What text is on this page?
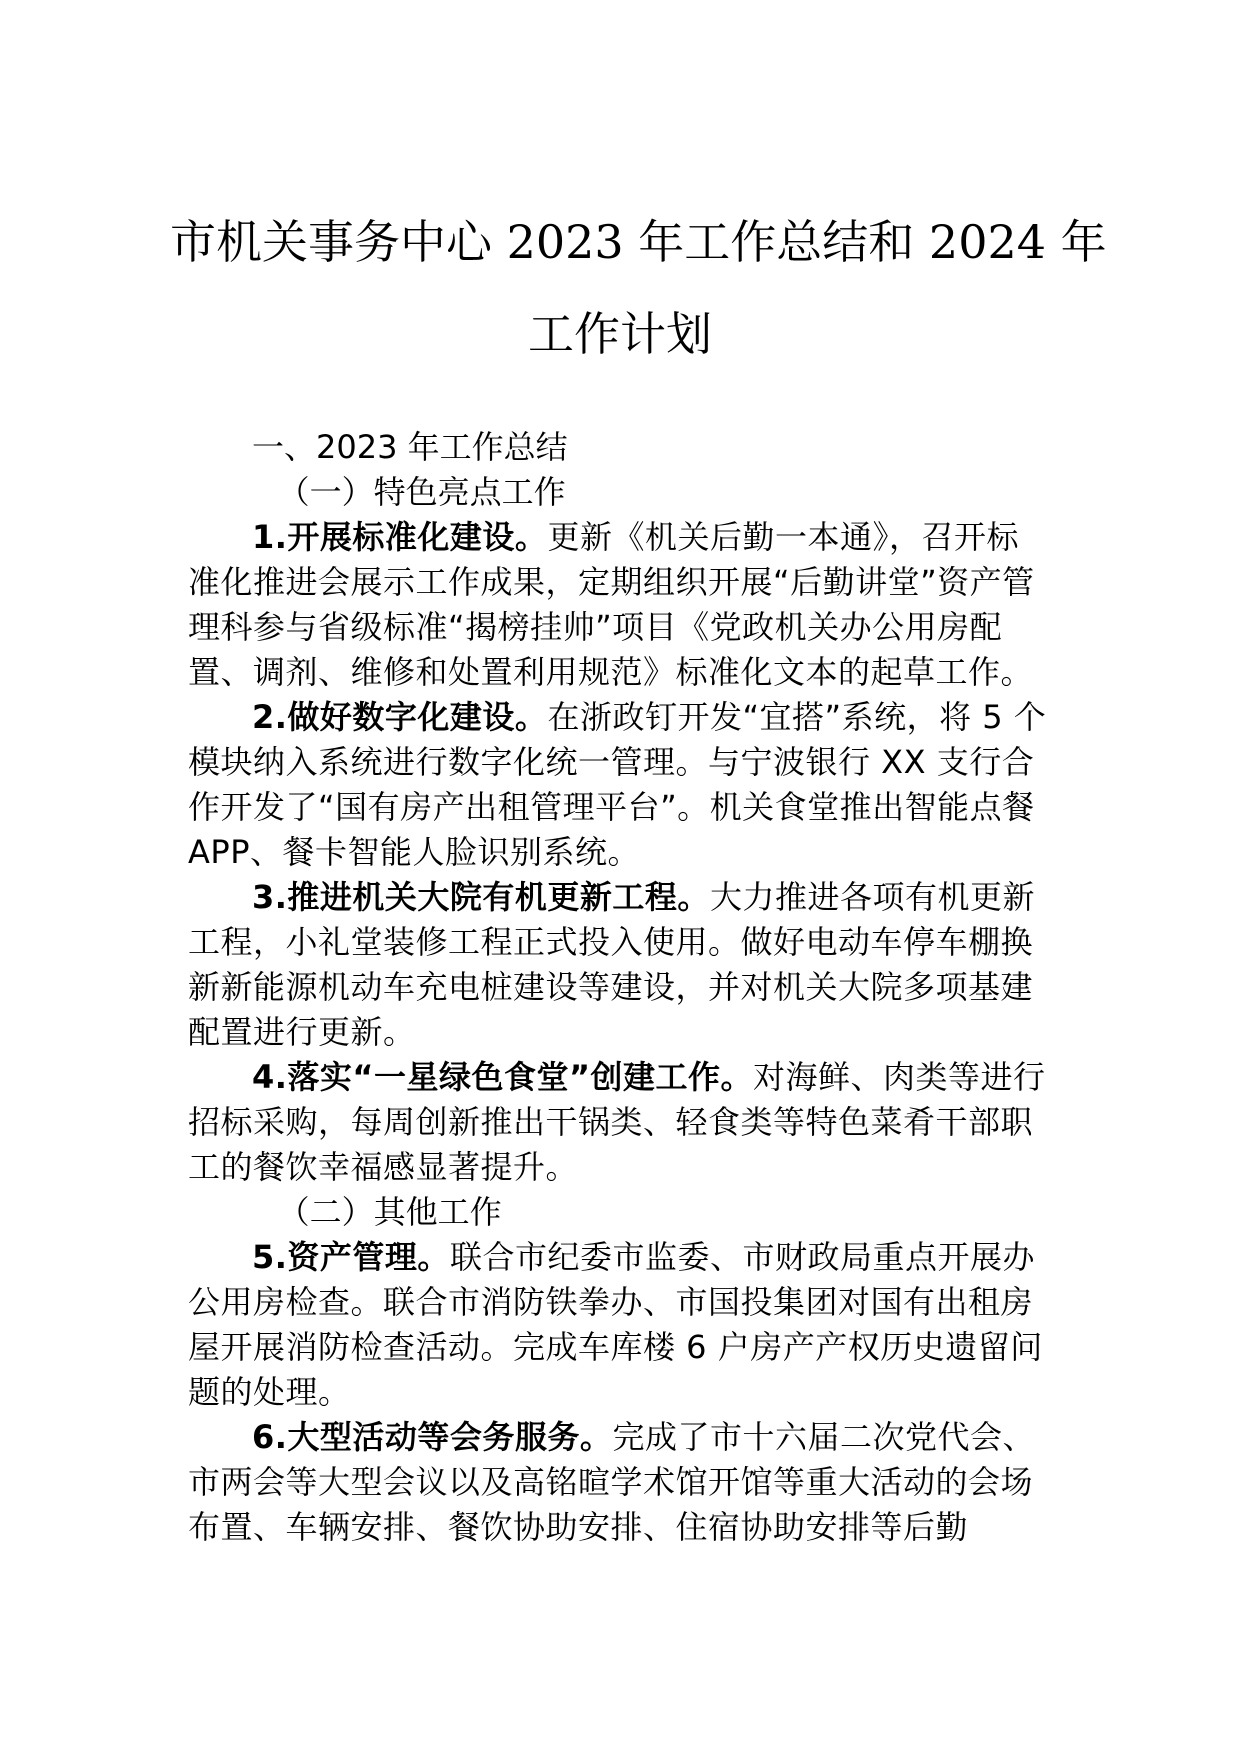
市机关事务中心 2023 年工作总结和 2024 年
工作计划

一、2023 年工作总结

（一）特色亮点工作

1.开展标准化建设。更新《机关后勤一本通》，召开标准化推进会展示工作成果，定期组织开展“后勤讲堂”资产管理科参与省级标准“揭榜挂帅”项目《党政机关办公用房配置、调剂、维修和处置利用规范》标准化文本的起草工作。

2.做好数字化建设。在浙政钉开发“宜搭”系统，将 5 个模块纳入系统进行数字化统一管理。与宁波银行 XX 支行合作开发了“国有房产出租管理平台”。机关食堂推出智能点餐 APP、餐卡智能人脸识别系统。

3.推进机关大院有机更新工程。大力推进各项有机更新工程，小礼堂装修工程正式投入使用。做好电动车停车棚换新新能源机动车充电桩建设等建设，并对机关大院多项基建配置进行更新。

4.落实“一星绿色食堂”创建工作。对海鲜、肉类等进行招标采购，每周创新推出干锅类、轻食类等特色菜肴干部职工的餐饮幸福感显著提升。

（二）其他工作

5.资产管理。联合市纪委市监委、市财政局重点开展办公用房检查。联合市消防铁拳办、市国投集团对国有出租房屋开展消防检查活动。完成车库楼 6 户房产产权历史遗留问题的处理。

6.大型活动等会务服务。完成了市十六届二次党代会、市两会等大型会议以及高铭暄学术馆开馆等重大活动的会场布置、车辆安排、餐饮协助安排、住宿协助安排等后勤
